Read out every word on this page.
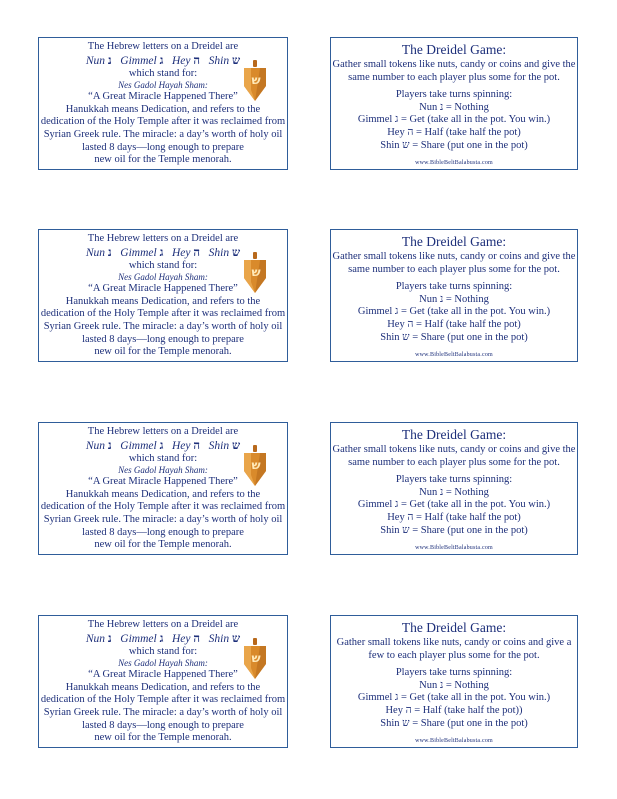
The Hebrew letters on a Dreidel are
Nun נ Gimmel ג Hey ה Shin ש
which stand for:
Nes Gadol Hayah Sham:
“A Great Miracle Happened There”
Hanukkah means Dedication, and refers to the
dedication of the Holy Temple after it was reclaimed from
Syrian Greek rule. The miracle: a day’s worth of holy oil
lasted 8 days—long enough to prepare
new oil for the Temple menorah.
ש
The Dreidel Game:
Gather small tokens like nuts, candy or coins and give the
same number to each player plus some for the pot.
Players take turns spinning:
Nun נ = Nothing
Gimmel ג = Get (take all in the pot. You win.)
Hey ה = Half (take half the pot)
Shin ש = Share (put one in the pot)
www.BibleBeltBalabusta.com
The Hebrew letters on a Dreidel are
Nun נ Gimmel ג Hey ה Shin ש
which stand for:
Nes Gadol Hayah Sham:
“A Great Miracle Happened There”
Hanukkah means Dedication, and refers to the
dedication of the Holy Temple after it was reclaimed from
Syrian Greek rule. The miracle: a day’s worth of holy oil
lasted 8 days—long enough to prepare
new oil for the Temple menorah.
ש
The Dreidel Game:
Gather small tokens like nuts, candy or coins and give the
same number to each player plus some for the pot.
Players take turns spinning:
Nun נ = Nothing
Gimmel ג = Get (take all in the pot. You win.)
Hey ה = Half (take half the pot)
Shin ש = Share (put one in the pot)
www.BibleBeltBalabusta.com
The Hebrew letters on a Dreidel are
Nun נ Gimmel ג Hey ה Shin ש
which stand for:
Nes Gadol Hayah Sham:
“A Great Miracle Happened There”
Hanukkah means Dedication, and refers to the
dedication of the Holy Temple after it was reclaimed from
Syrian Greek rule. The miracle: a day’s worth of holy oil
lasted 8 days—long enough to prepare
new oil for the Temple menorah.
ש
The Dreidel Game:
Gather small tokens like nuts, candy or coins and give the
same number to each player plus some for the pot.
Players take turns spinning:
Nun נ = Nothing
Gimmel ג = Get (take all in the pot. You win.)
Hey ה = Half (take half the pot)
Shin ש = Share (put one in the pot)
www.BibleBeltBalabusta.com
The Hebrew letters on a Dreidel are
Nun נ Gimmel ג Hey ה Shin ש
which stand for:
Nes Gadol Hayah Sham:
“A Great Miracle Happened There”
Hanukkah means Dedication, and refers to the
dedication of the Holy Temple after it was reclaimed from
Syrian Greek rule. The miracle: a day’s worth of holy oil
lasted 8 days—long enough to prepare
new oil for the Temple menorah.
ש
The Dreidel Game:
Gather small tokens like nuts, candy or coins and give a
few to each player plus some for the pot.
Players take turns spinning:
Nun נ = Nothing
Gimmel ג = Get (take all in the pot. You win.)
Hey ה = Half (take half the pot))
Shin ש = Share (put one in the pot)
www.BibleBeltBalabusta.com
